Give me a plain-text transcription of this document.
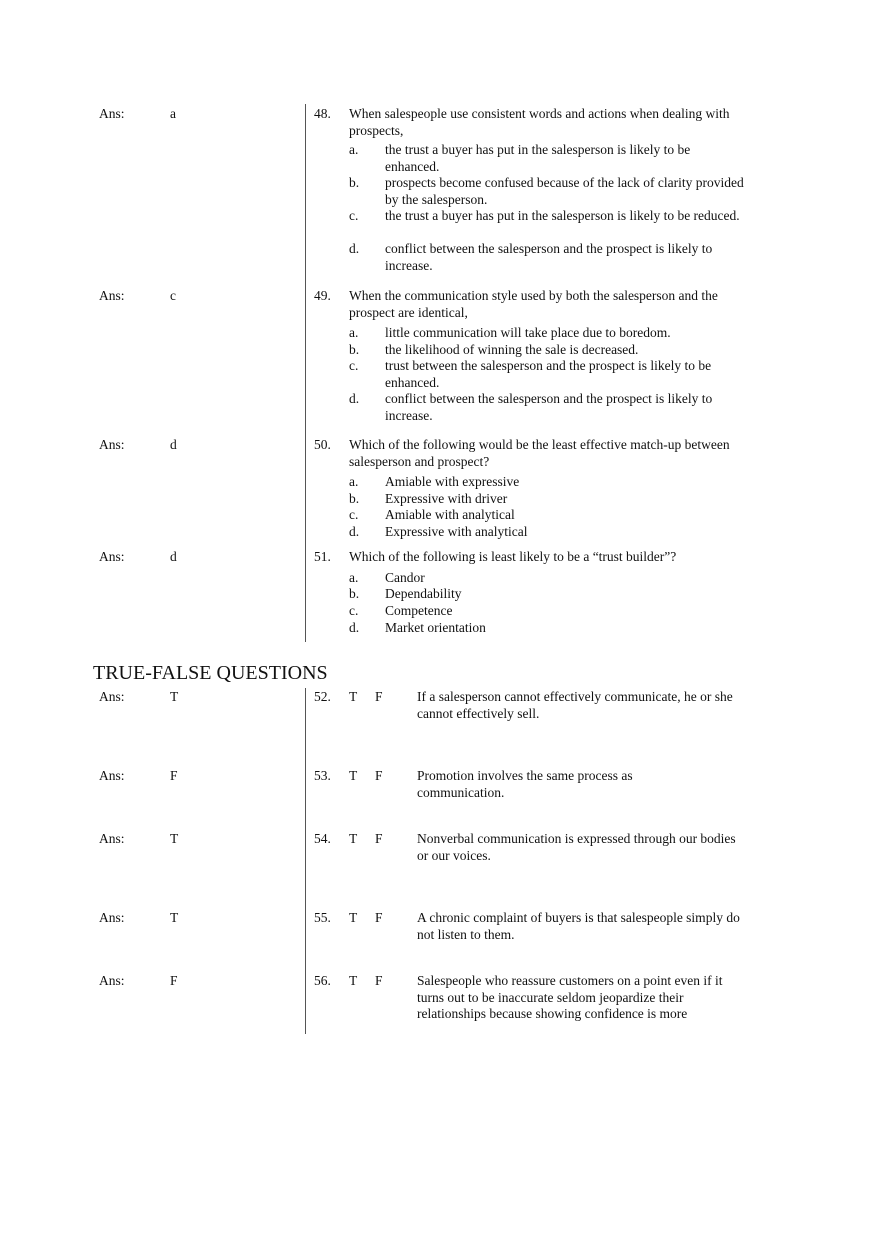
Ans:	a	48. When salespeople use consistent words and actions when dealing with prospects,
a. the trust a buyer has put in the salesperson is likely to be enhanced.
b. prospects become confused because of the lack of clarity provided by the salesperson.
c. the trust a buyer has put in the salesperson is likely to be reduced.
d. conflict between the salesperson and the prospect is likely to increase.
Ans:	c	49. When the communication style used by both the salesperson and the prospect are identical,
a. little communication will take place due to boredom.
b. the likelihood of winning the sale is decreased.
c. trust between the salesperson and the prospect is likely to be enhanced.
d. conflict between the salesperson and the prospect is likely to increase.
Ans:	d	50. Which of the following would be the least effective match-up between salesperson and prospect?
a. Amiable with expressive
b. Expressive with driver
c. Amiable with analytical
d. Expressive with analytical
Ans:	d	51. Which of the following is least likely to be a “trust builder”?
a. Candor
b. Dependability
c. Competence
d. Market orientation
TRUE-FALSE QUESTIONS
Ans:	T	52. T F	If a salesperson cannot effectively communicate, he or she cannot effectively sell.
Ans:	F	53. T F	Promotion involves the same process as communication.
Ans:	T	54. T F	Nonverbal communication is expressed through our bodies or our voices.
Ans:	T	55. T F	A chronic complaint of buyers is that salespeople simply do not listen to them.
Ans:	F	56. T F	Salespeople who reassure customers on a point even if it turns out to be inaccurate seldom jeopardize their relationships because showing confidence is more
